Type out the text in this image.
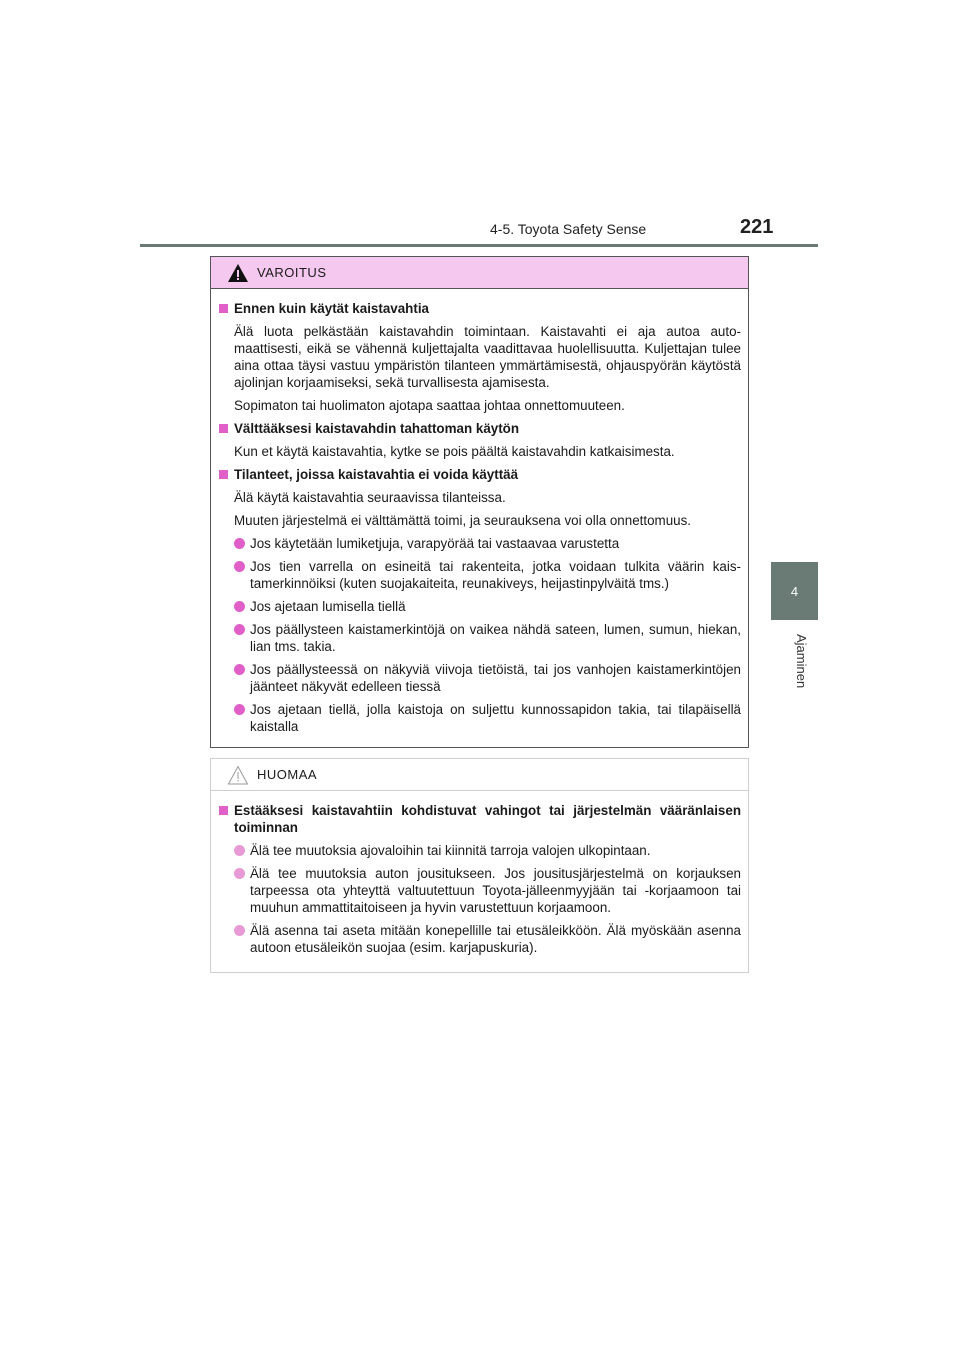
4-5. Toyota Safety Sense	221
4
Ajaminen
VAROITUS
Ennen kuin käytät kaistavahtia
Älä luota pelkästään kaistavahdin toimintaan. Kaistavahti ei aja autoa automaattisesti, eikä se vähennä kuljettajalta vaadittavaa huolellisuutta. Kuljettajan tulee aina ottaa täysi vastuu ympäristön tilanteen ymmärtämisestä, ohjauspyörän käytöstä ajolinjan korjaamiseksi, sekä turvallisesta ajamisesta.
Sopimaton tai huolimaton ajotapa saattaa johtaa onnettomuuteen.
Välttääksesi kaistavahdin tahattoman käytön
Kun et käytä kaistavahtia, kytke se pois päältä kaistavahdin katkaisimesta.
Tilanteet, joissa kaistavahtia ei voida käyttää
Älä käytä kaistavahtia seuraavissa tilanteissa.
Muuten järjestelmä ei välttämättä toimi, ja seurauksena voi olla onnettomuus.
Jos käytetään lumiketjuja, varapyörää tai vastaavaa varustetta
Jos tien varrella on esineitä tai rakenteita, jotka voidaan tulkita väärin kaistamerkinnöiksi (kuten suojakaiteita, reunakiveys, heijastinpylväitä tms.)
Jos ajetaan lumisella tiellä
Jos päällysteen kaistamerkintöjä on vaikea nähdä sateen, lumen, sumun, hiekan, lian tms. takia.
Jos päällysteessä on näkyviä viivoja tietöistä, tai jos vanhojen kaistamerkintöjen jäänteet näkyvät edelleen tiessä
Jos ajetaan tiellä, jolla kaistoja on suljettu kunnossapidon takia, tai tilapäisellä kaistalla
HUOMAA
Estääksesi kaistavahtiin kohdistuvat vahingot tai järjestelmän vääränlaisen toiminnan
Älä tee muutoksia ajovaloihin tai kiinnitä tarroja valojen ulkopintaan.
Älä tee muutoksia auton jousitukseen. Jos jousitusjärjestelmä on korjauksen tarpeessa ota yhteyttä valtuutettuun Toyota-jälleenmyyjään tai -korjaamoon tai muuhun ammattitaitoiseen ja hyvin varustettuun korjaamoon.
Älä asenna tai aseta mitään konepellille tai etusäleikköön. Älä myöskään asenna autoon etusäleikön suojaa (esim. karjapuskuria).
